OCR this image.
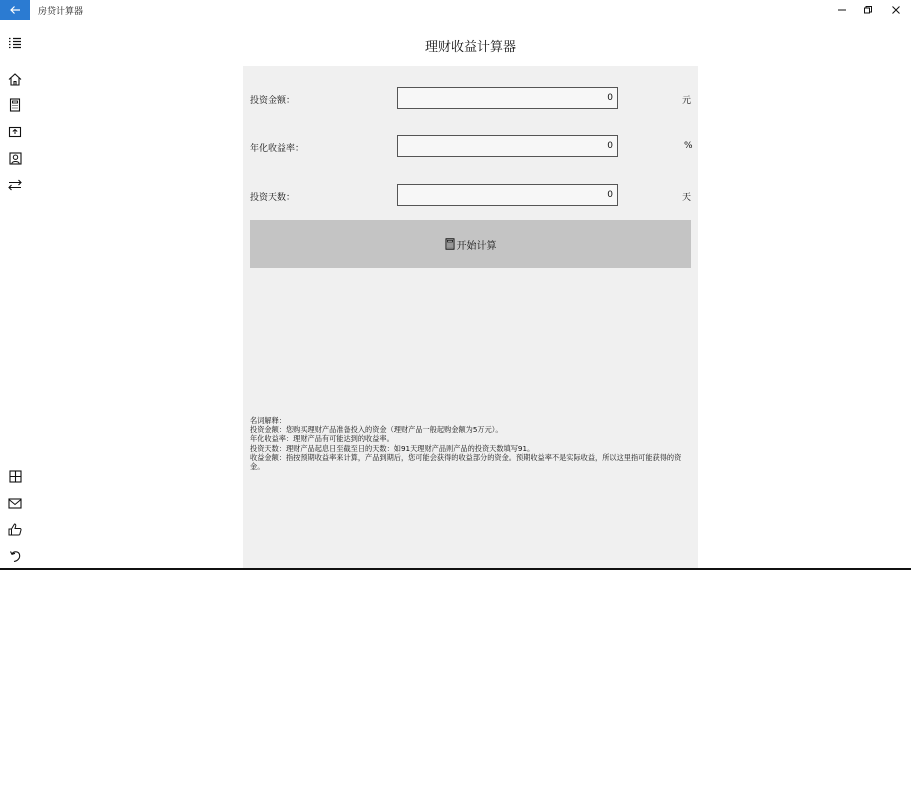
房贷计算器
理财收益计算器
投资金额：
0	元
年化收益率：
0	%
投资天数：
0	天
开始计算

名词解释：

投资金额：您购买理财产品准备投入的资金（理财产品一般起购金额为5万元）。

年化收益率：理财产品有可能达到的收益率。

投资天数：理财产品起息日至截至日的天数：如91天理财产品则产品的投资天数填写91。

收益金额：指按预期收益率来计算，产品到期后，您可能会获得的收益部分的资金。预期收益率不是实际收益，所以这里指可能获得的资金。
